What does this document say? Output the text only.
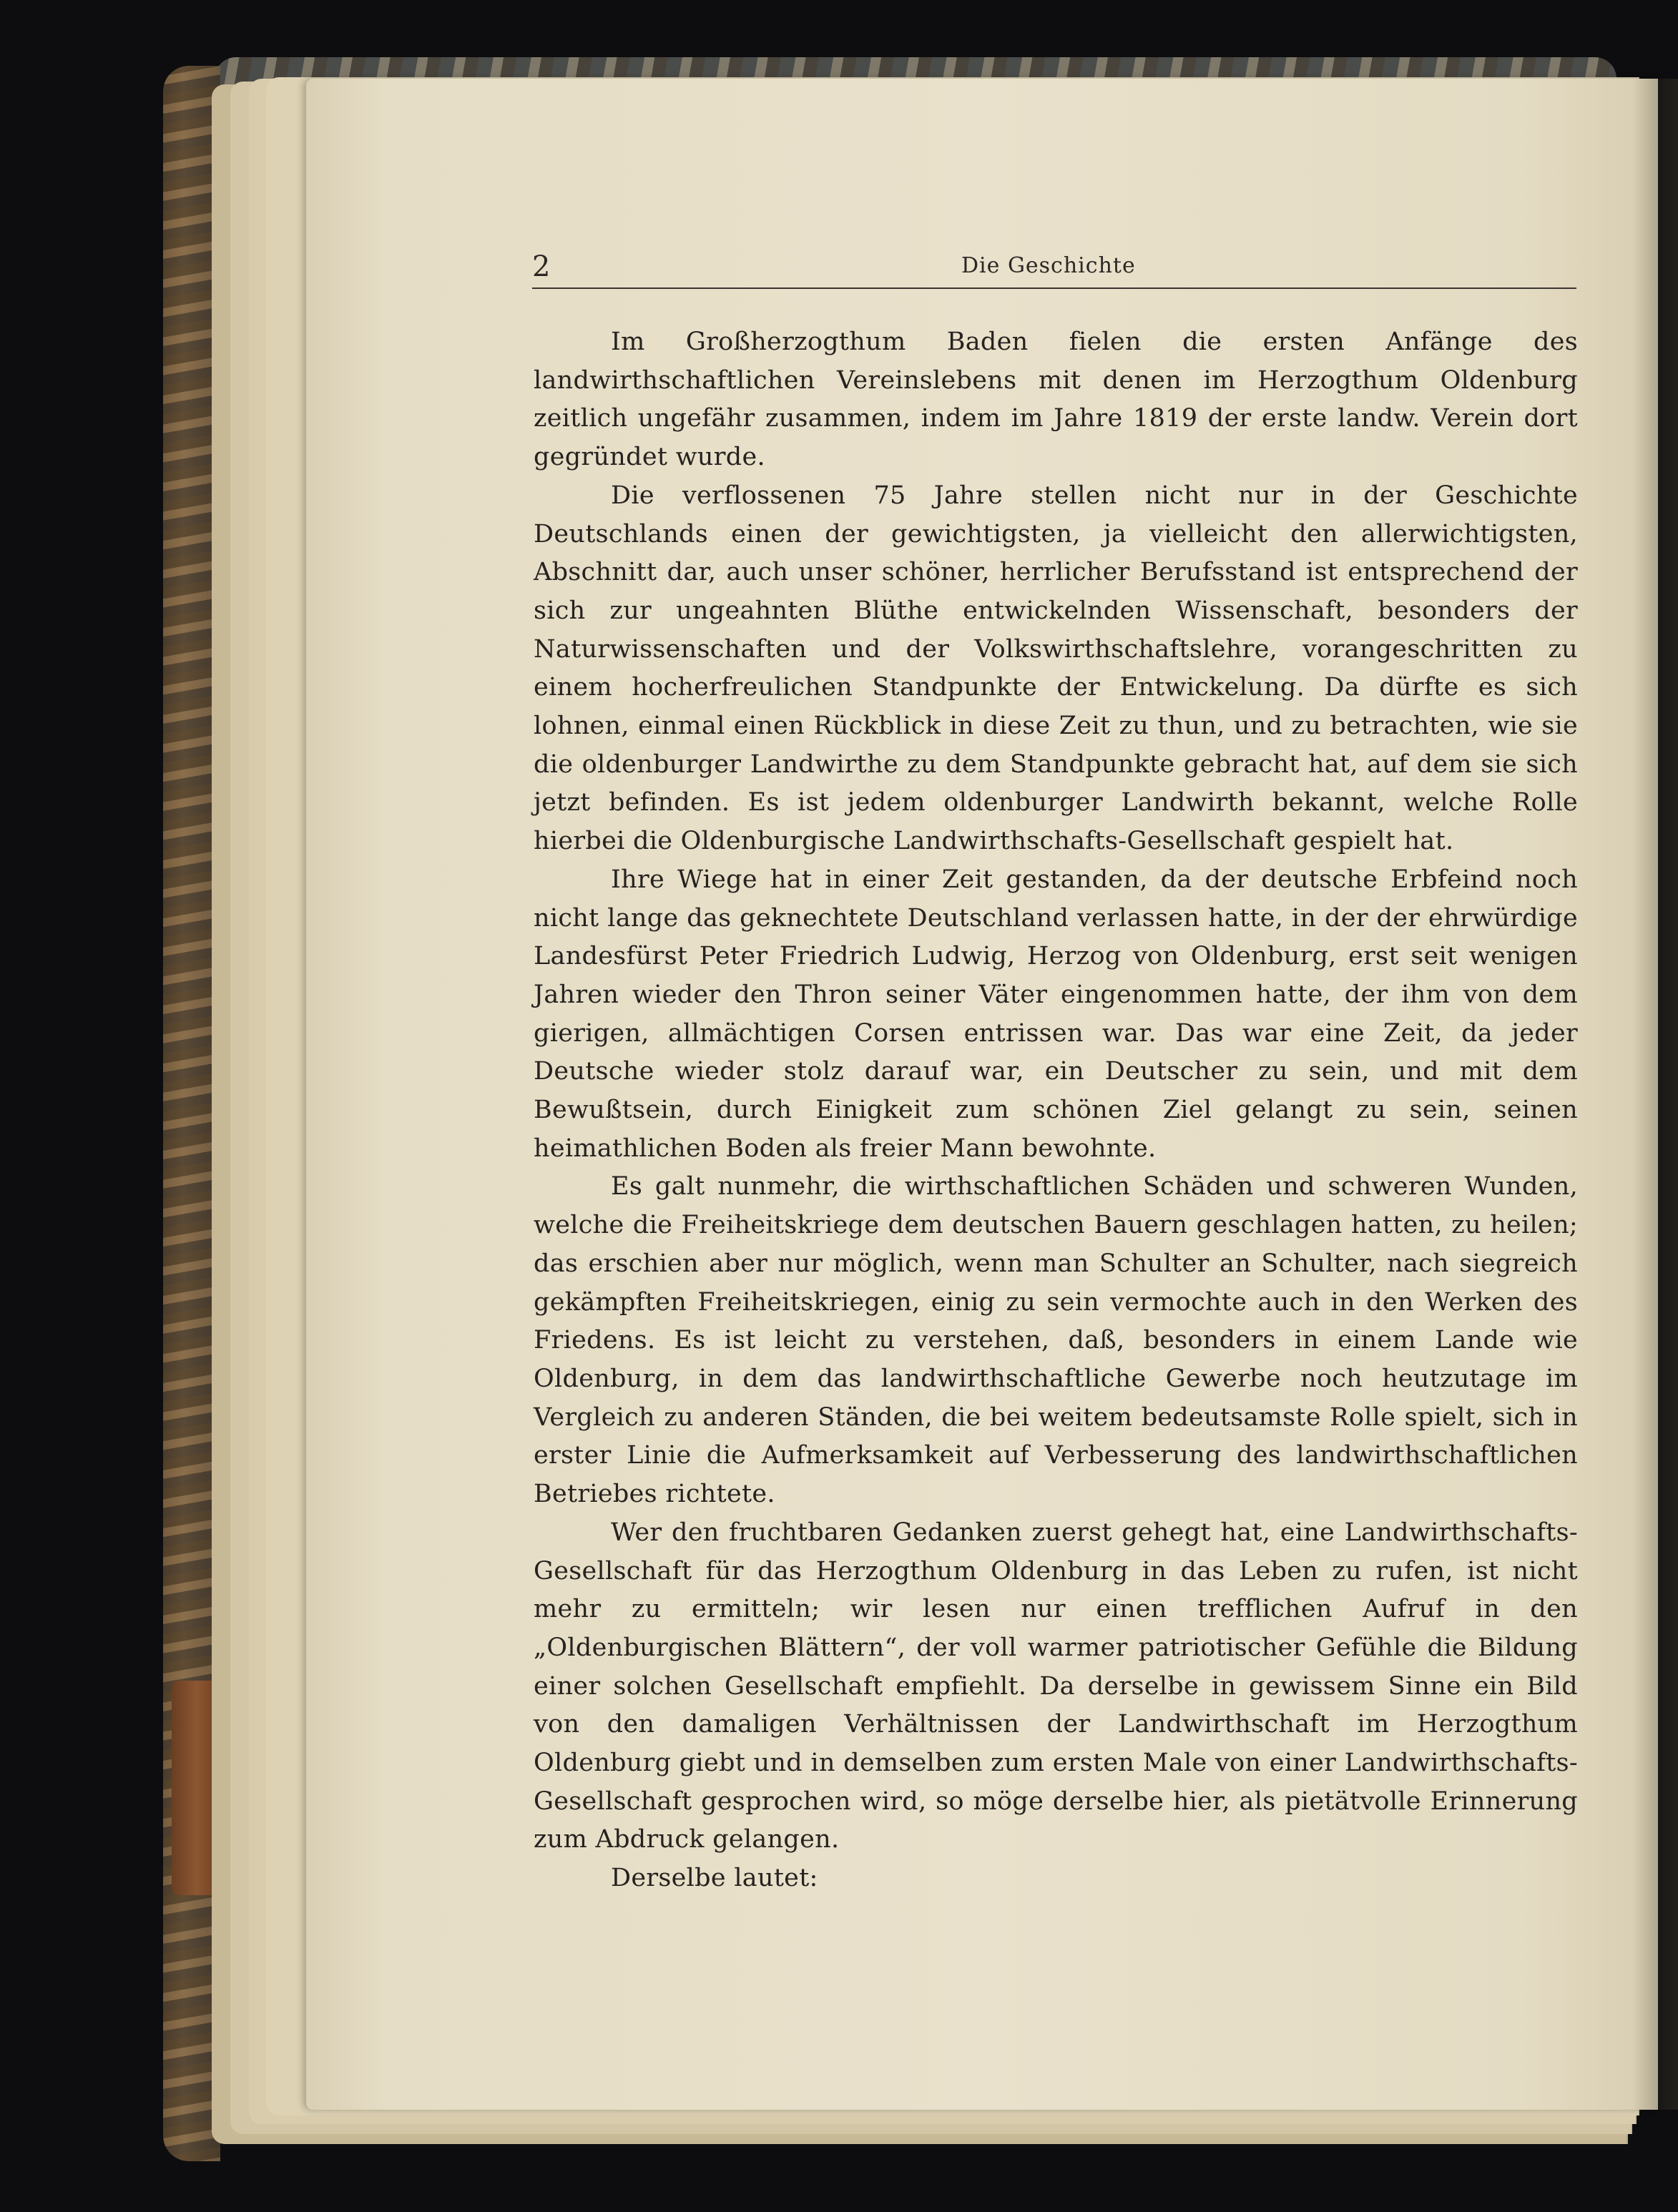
2	Die Geschichte

Im Großherzogthum Baden fielen die ersten Anfänge des landwirthschaftlichen Vereinslebens mit denen im Herzogthum Oldenburg zeitlich ungefähr zusammen, indem im Jahre 1819 der erste landw. Verein dort gegründet wurde.

Die verflossenen 75 Jahre stellen nicht nur in der Geschichte Deutschlands einen der gewichtigsten, ja vielleicht den allerwichtigsten, Abschnitt dar, auch unser schöner, herrlicher Berufsstand ist entsprechend der sich zur ungeahnten Blüthe entwickelnden Wissenschaft, besonders der Naturwissenschaften und der Volkswirthschaftslehre, vorangeschritten zu einem hocherfreulichen Standpunkte der Entwickelung. Da dürfte es sich lohnen, einmal einen Rückblick in diese Zeit zu thun, und zu betrachten, wie sie die oldenburger Landwirthe zu dem Standpunkte gebracht hat, auf dem sie sich jetzt befinden. Es ist jedem oldenburger Landwirth bekannt, welche Rolle hierbei die Oldenburgische Landwirthschafts-Gesellschaft gespielt hat.

Ihre Wiege hat in einer Zeit gestanden, da der deutsche Erbfeind noch nicht lange das geknechtete Deutschland verlassen hatte, in der der ehrwürdige Landesfürst Peter Friedrich Ludwig, Herzog von Oldenburg, erst seit wenigen Jahren wieder den Thron seiner Väter eingenommen hatte, der ihm von dem gierigen, allmächtigen Corsen entrissen war. Das war eine Zeit, da jeder Deutsche wieder stolz darauf war, ein Deutscher zu sein, und mit dem Bewußtsein, durch Einigkeit zum schönen Ziel gelangt zu sein, seinen heimathlichen Boden als freier Mann bewohnte.

Es galt nunmehr, die wirthschaftlichen Schäden und schweren Wunden, welche die Freiheitskriege dem deutschen Bauern geschlagen hatten, zu heilen; das erschien aber nur möglich, wenn man Schulter an Schulter, nach siegreich gekämpften Freiheitskriegen, einig zu sein vermochte auch in den Werken des Friedens. Es ist leicht zu verstehen, daß, besonders in einem Lande wie Oldenburg, in dem das landwirthschaftliche Gewerbe noch heutzutage im Vergleich zu anderen Ständen, die bei weitem bedeutsamste Rolle spielt, sich in erster Linie die Aufmerksamkeit auf Verbesserung des landwirthschaftlichen Betriebes richtete.

Wer den fruchtbaren Gedanken zuerst gehegt hat, eine Landwirthschafts-Gesellschaft für das Herzogthum Oldenburg in das Leben zu rufen, ist nicht mehr zu ermitteln; wir lesen nur einen trefflichen Aufruf in den „Oldenburgischen Blättern“, der voll warmer patriotischer Gefühle die Bildung einer solchen Gesellschaft empfiehlt. Da derselbe in gewissem Sinne ein Bild von den damaligen Verhältnissen der Landwirthschaft im Herzogthum Oldenburg giebt und in demselben zum ersten Male von einer Landwirthschafts-Gesellschaft gesprochen wird, so möge derselbe hier, als pietätvolle Erinnerung zum Abdruck gelangen.

Derselbe lautet:
